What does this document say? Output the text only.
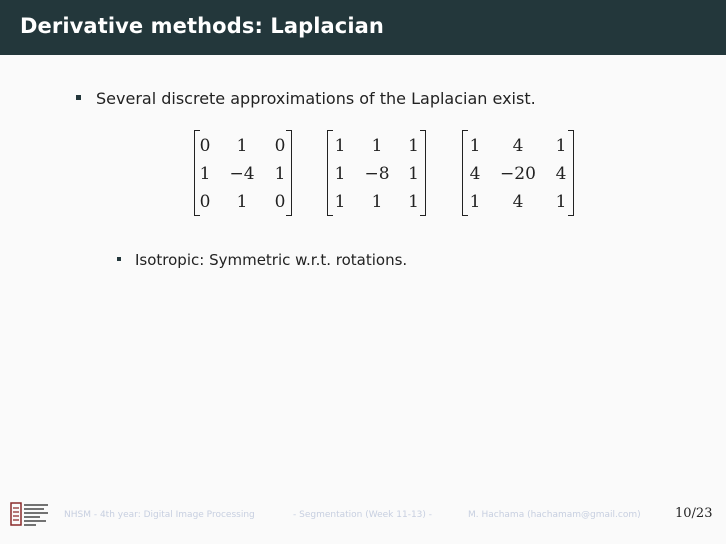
Derivative methods: Laplacian
Several discrete approximations of the Laplacian exist.
0	1	0
1	−4	1
0	1	0
1	1	1
1	−8	1
1	1	1
1	4	1
4	−20	4
1	4	1
Isotropic: Symmetric w.r.t. rotations.
NHSM - 4th year: Digital Image Processing	- Segmentation (Week 11-13) -	M. Hachama (hachamam@gmail.com)	10/23
